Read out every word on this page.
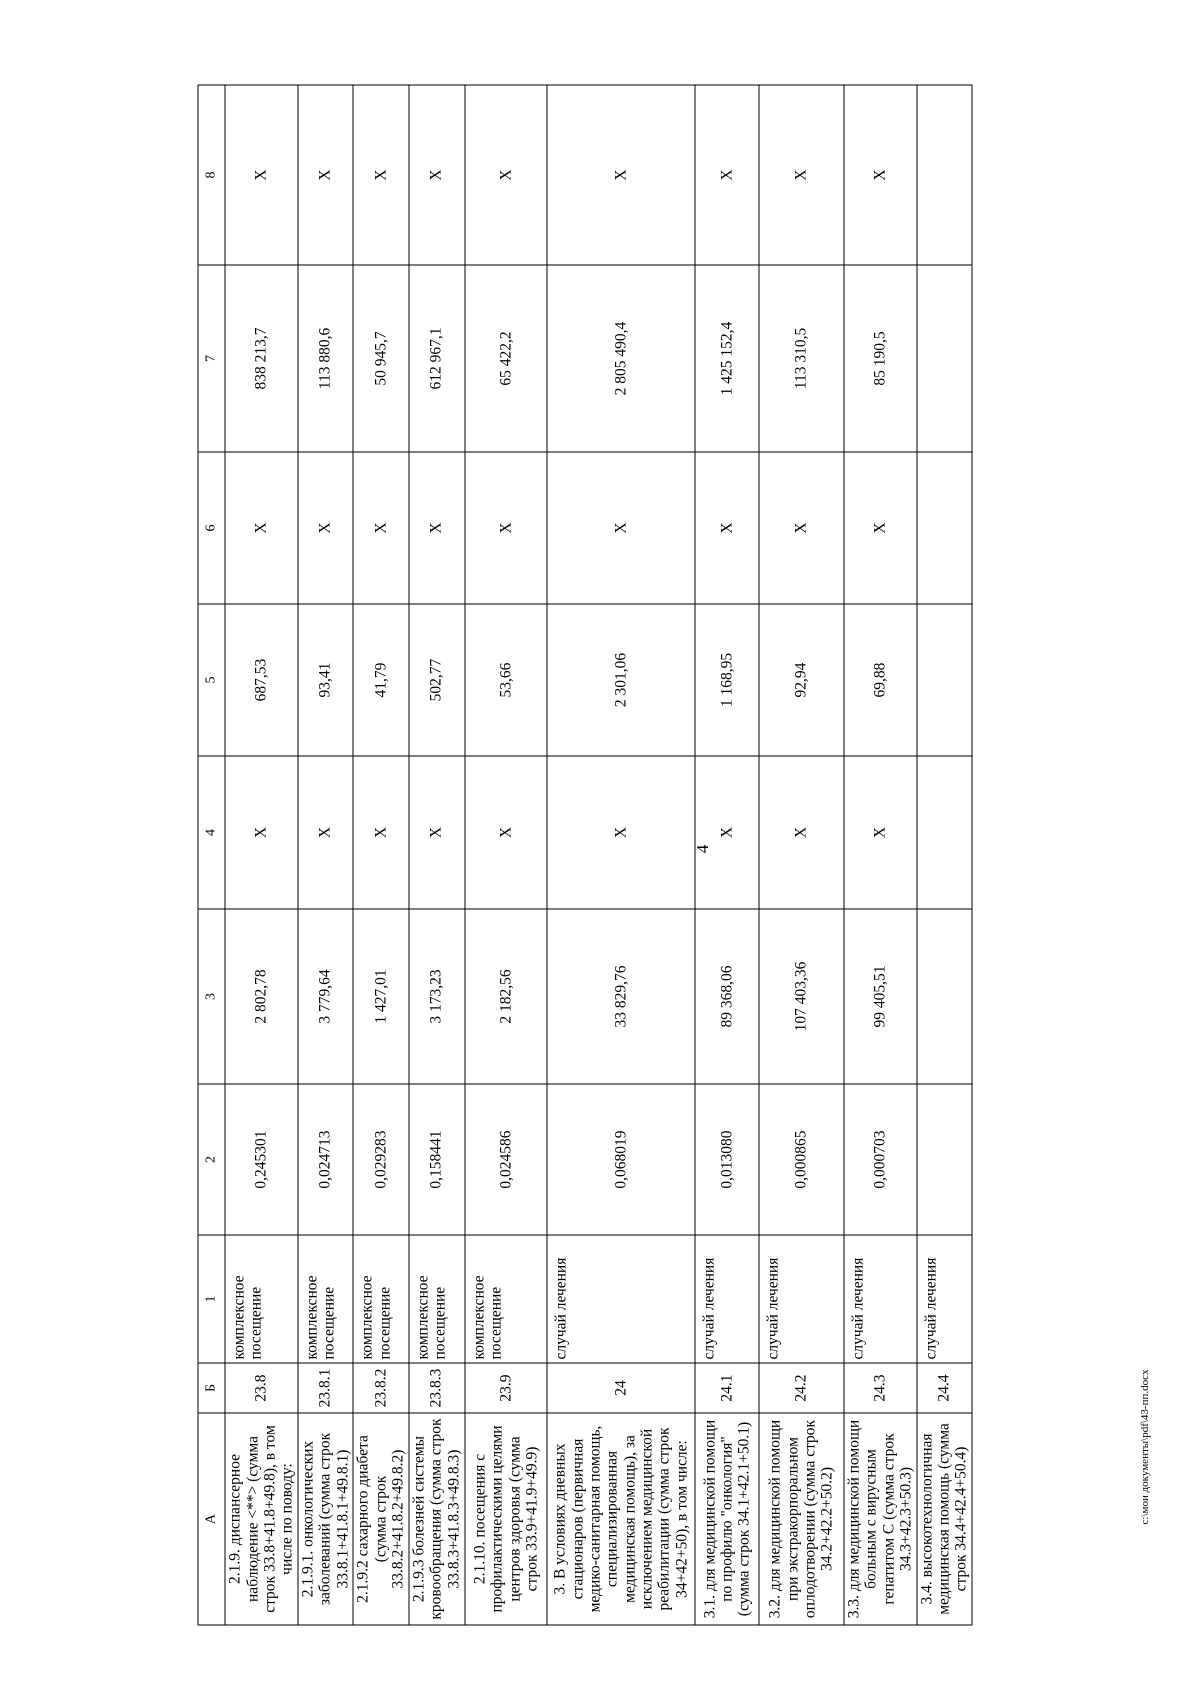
4
А	Б	1	2	3	4	5	6	7	8
2.1.9. диспансерное наблюдение <**> (сумма строк 33.8+41.8+49.8), в том числе по поводу:	23.8	комплексное посещение	0,245301	2 802,78	X	687,53	X	838 213,7	X
2.1.9.1. онкологических заболеваний (сумма строк 33.8.1+41.8.1+49.8.1)	23.8.1	комплексное посещение	0,024713	3 779,64	X	93,41	X	113 880,6	X
2.1.9.2 сахарного диабета (сумма строк 33.8.2+41.8.2+49.8.2)	23.8.2	комплексное посещение	0,029283	1 427,01	X	41,79	X	50 945,7	X
2.1.9.3 болезней системы кровообращения (сумма строк 33.8.3+41.8.3+49.8.3)	23.8.3	комплексное посещение	0,158441	3 173,23	X	502,77	X	612 967,1	X
2.1.10. посещения с профилактическими целями центров здоровья (сумма строк 33.9+41.9+49.9)	23.9	комплексное посещение	0,024586	2 182,56	X	53,66	X	65 422,2	X
3. В условиях дневных стационаров (первичная медико-санитарная помощь, специализированная медицинская помощь), за исключением медицинской реабилитации (сумма строк 34+42+50), в том числе:	24	случай лечения	0,068019	33 829,76	X	2 301,06	X	2 805 490,4	X
3.1. для медицинской помощи по профилю "онкология" (сумма строк 34.1+42.1+50.1)	24.1	случай лечения	0,013080	89 368,06	X	1 168,95	X	1 425 152,4	X
3.2. для медицинской помощи при экстракорпоральном оплодотворении (сумма строк 34.2+42.2+50.2)	24.2	случай лечения	0,000865	107 403,36	X	92,94	X	113 310,5	X
3.3. для медицинской помощи больным с вирусным гепатитом С (сумма строк 34.3+42.3+50.3)	24.3	случай лечения	0,000703	99 405,51	X	69,88	X	85 190,5	X
3.4. высокотехнологичная медицинская помощь (сумма строк 34.4+42.4+50.4)	24.4	случай лечения							
c:\мои документы\pdf\43-пп.docx
